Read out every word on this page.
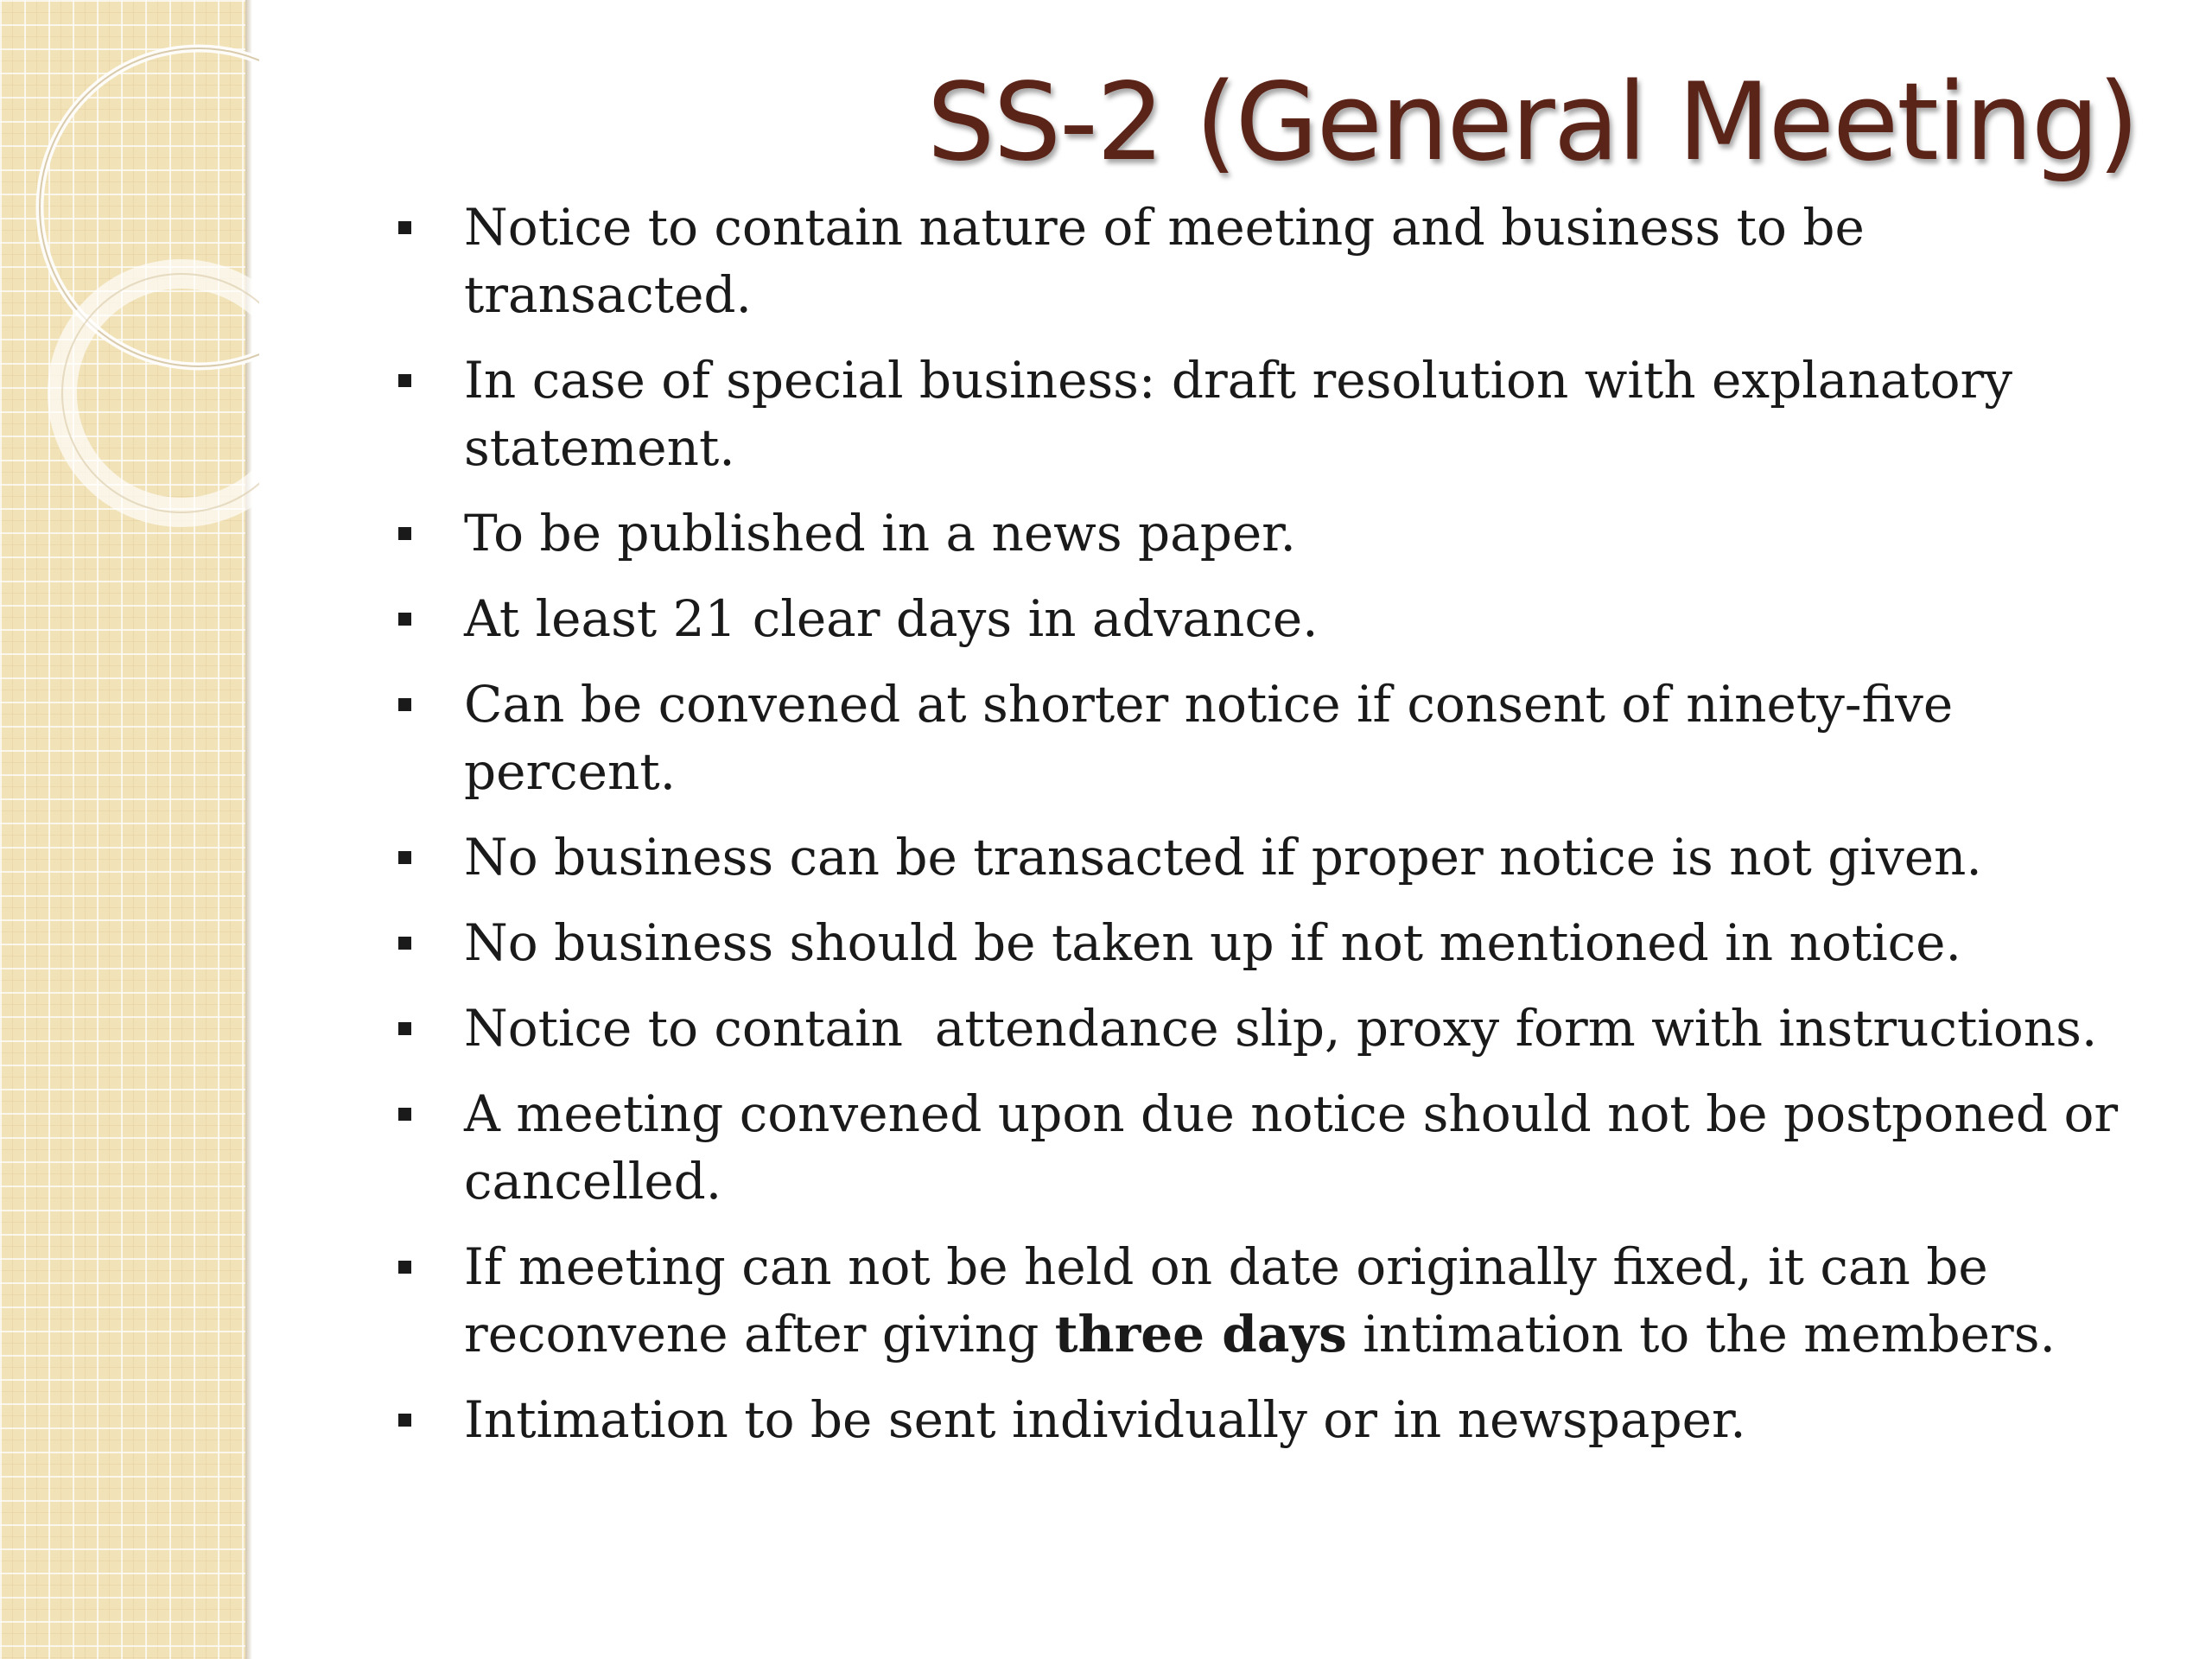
SS-2 (General Meeting)
Notice to contain nature of meeting and business to be transacted.
In case of special business: draft resolution with explanatory statement.
To be published in a news paper.
At least 21 clear days in advance.
Can be convened at shorter notice if consent of ninety-five percent.
No business can be transacted if proper notice is not given.
No business should be taken up if not mentioned in notice.
Notice to contain  attendance slip, proxy form with instructions.
A meeting convened upon due notice should not be postponed or cancelled.
If meeting can not be held on date originally fixed, it can be reconvene after giving three days intimation to the members.
Intimation to be sent individually or in newspaper.
